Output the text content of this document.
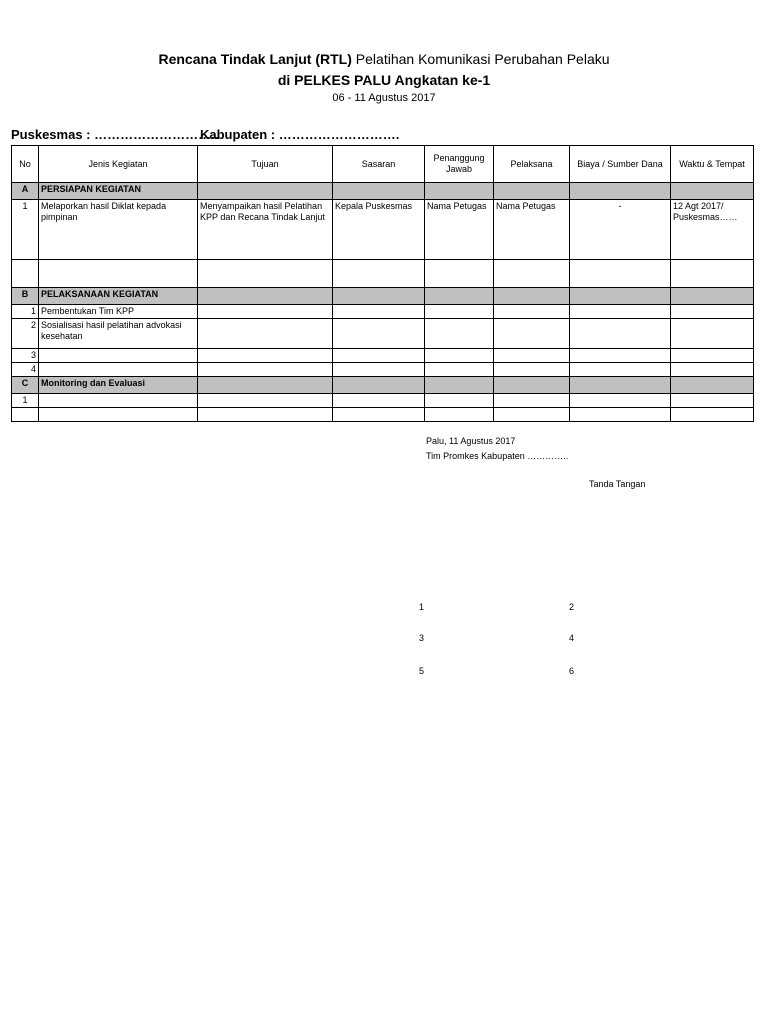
Rencana Tindak Lanjut (RTL) Pelatihan Komunikasi Perubahan Pelaku
di PELKES PALU Angkatan ke-1
06 - 11 Agustus 2017
Puskesmas : ………………………..
Kabupaten : ……………………….
No	Jenis Kegiatan	Tujuan	Sasaran	Penanggung Jawab	Pelaksana	Biaya / Sumber Dana	Waktu & Tempat
A	PERSIAPAN KEGIATAN						
1	Melaporkan hasil Diklat kepada pimpinan	Menyampaikan hasil Pelatihan KPP dan Recana Tindak Lanjut	Kepala Puskesmas	Nama Petugas	Nama Petugas	-	12 Agt 2017/ Puskesmas……

B	PELAKSANAAN KEGIATAN						
1	Pembentukan Tim KPP						
2	Sosialisasi hasil pelatihan advokasi kesehatan						
3							
4							
C	Monitoring dan Evaluasi						
1							

Palu, 11 Agustus 2017
Tim Promkes Kabupaten …………..
Tanda Tangan
1	2
3	4
5	6
